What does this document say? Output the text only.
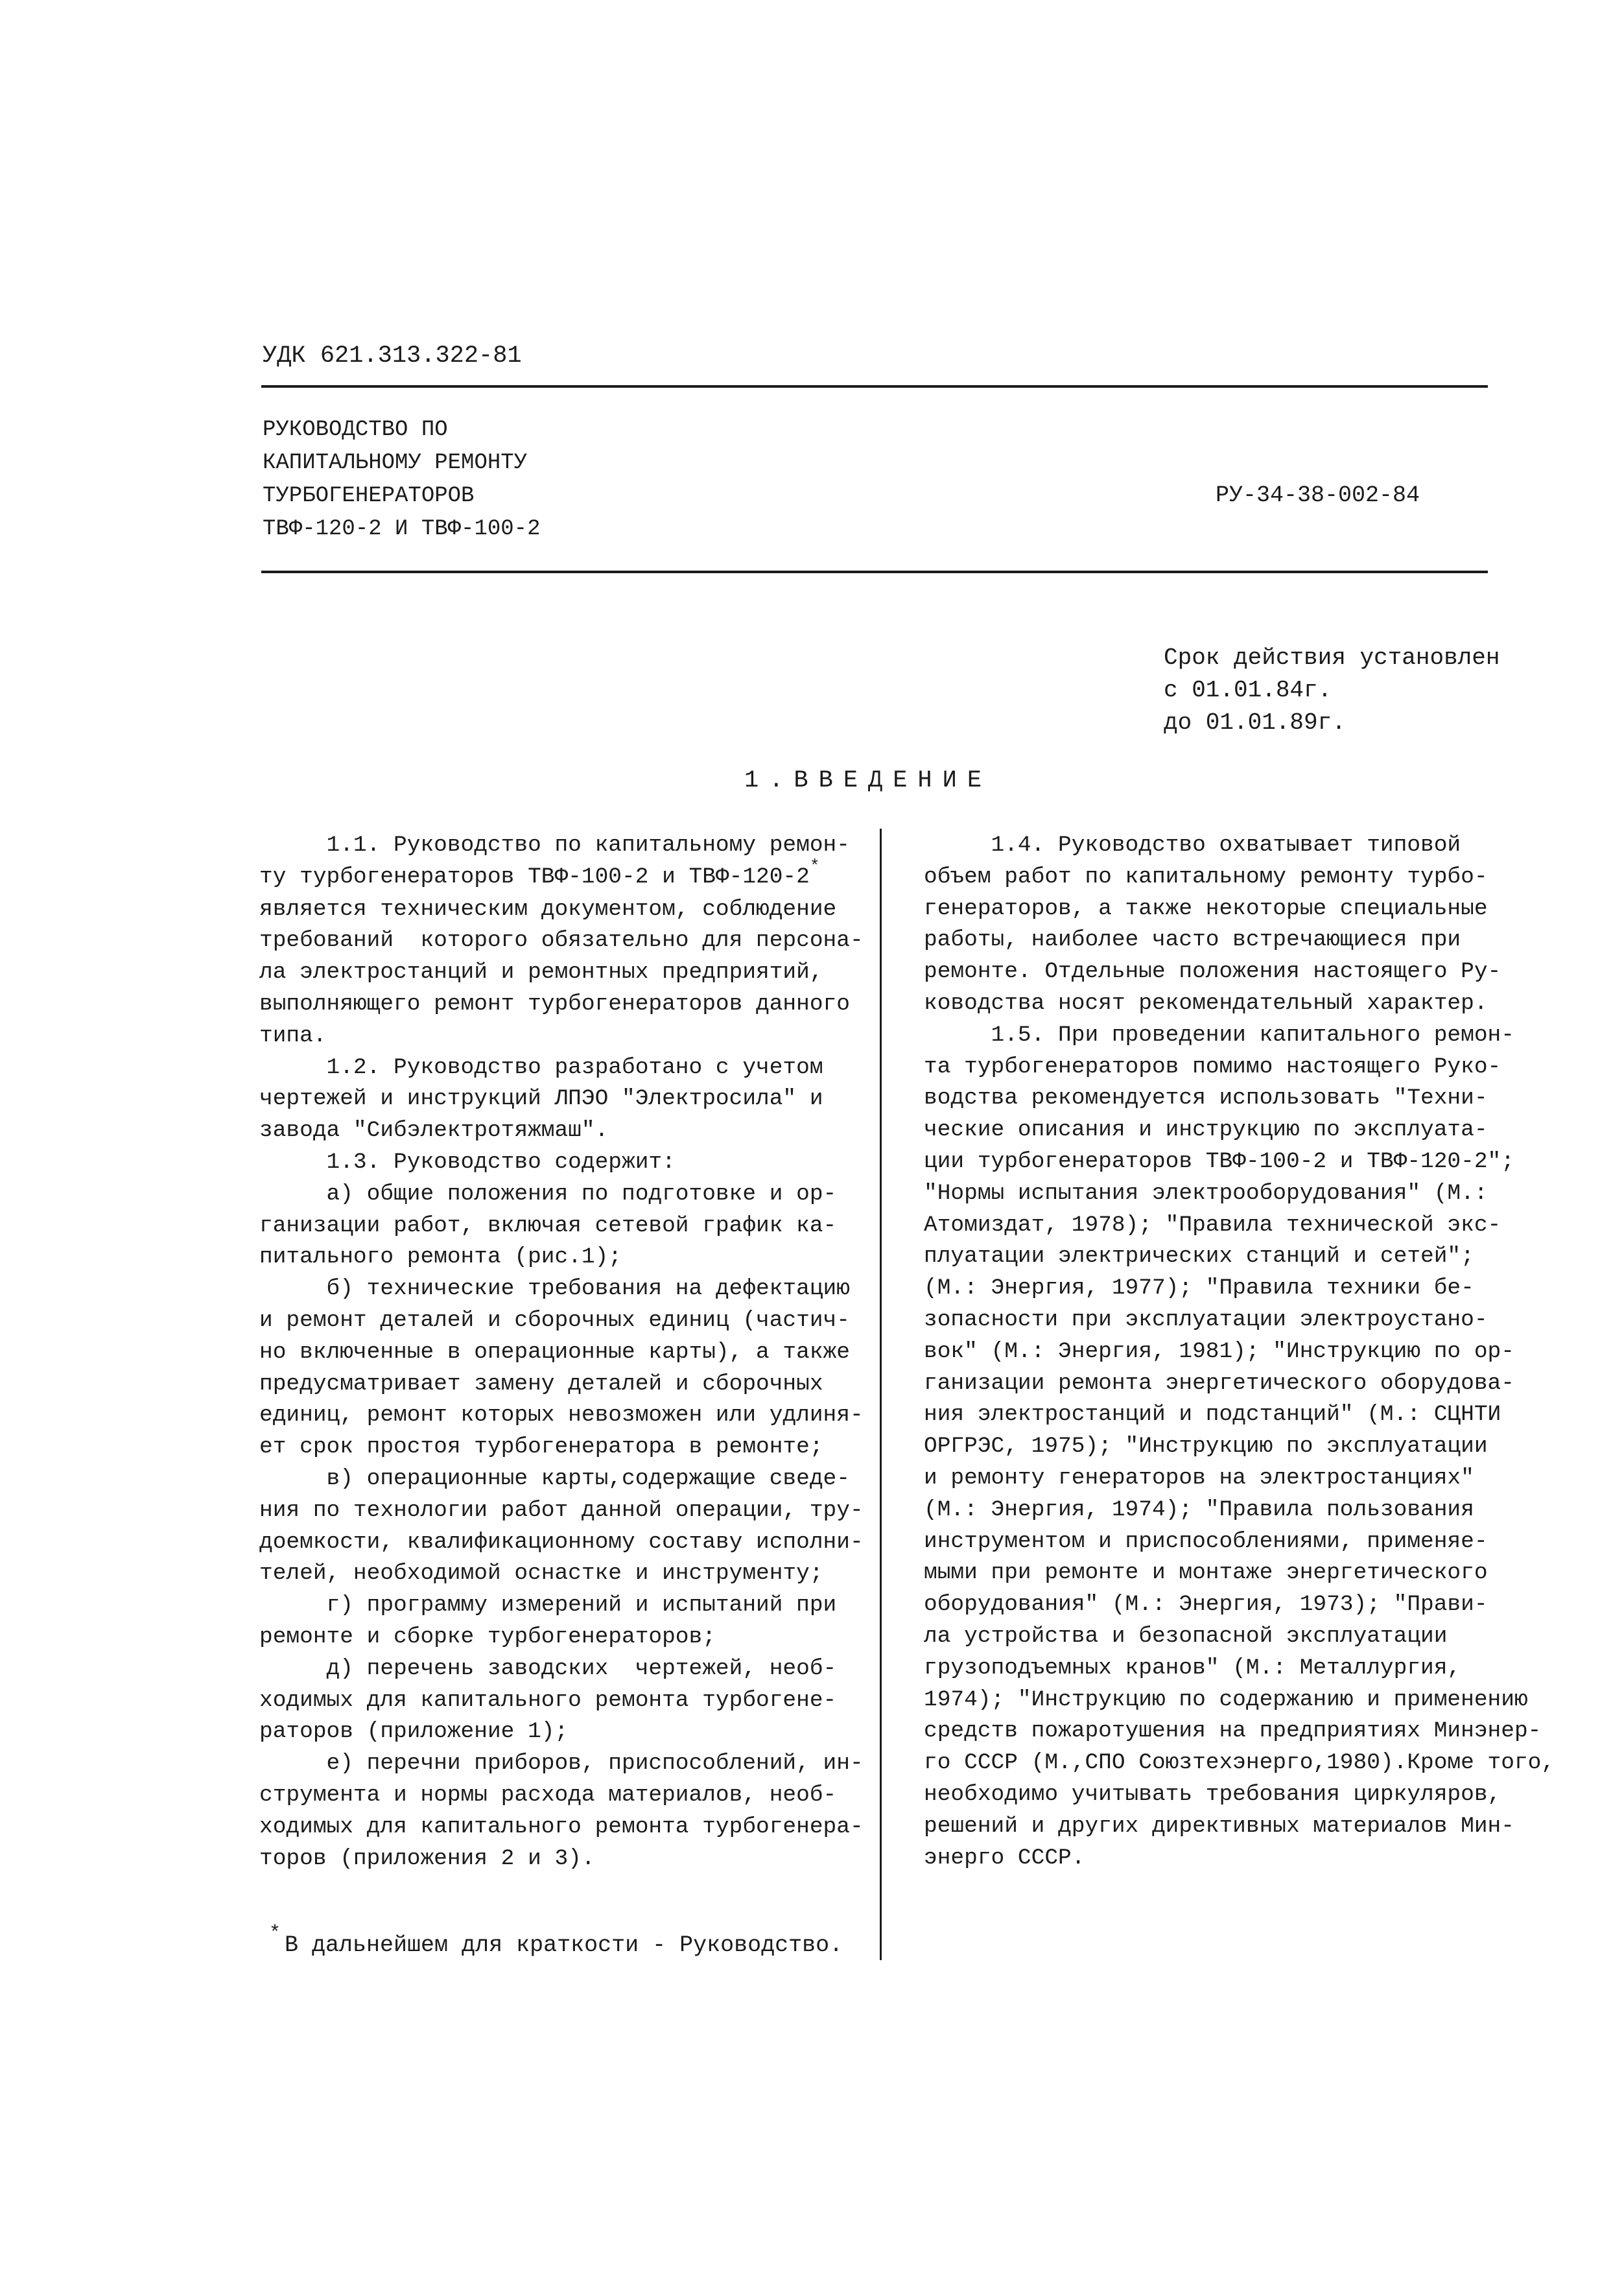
УДК 621.313.322-81
РУКОВОДСТВО ПО
КАПИТАЛЬНОМУ РЕМОНТУ
ТУРБОГЕНЕРАТОРОВ
ТВФ-120-2 И ТВФ-100-2
РУ-34-38-002-84
Срок действия установлен
с 01.01.84г.
до 01.01.89г.
1.ВВЕДЕНИЕ
1.1. Руководство по капитальному ремон-
ту турбогенераторов ТВФ-100-2 и ТВФ-120-2*
является техническим документом, соблюдение
требований  которого обязательно для персона-
ла электростанций и ремонтных предприятий,
выполняющего ремонт турбогенераторов данного
типа.
1.2. Руководство разработано с учетом
чертежей и инструкций ЛПЭО "Электросила" и
завода "Сибэлектротяжмаш".
1.3. Руководство содержит:
а) общие положения по подготовке и ор-
ганизации работ, включая сетевой график ка-
питального ремонта (рис.1);
б) технические требования на дефектацию
и ремонт деталей и сборочных единиц (частич-
но включенные в операционные карты), а также
предусматривает замену деталей и сборочных
единиц, ремонт которых невозможен или удлиня-
ет срок простоя турбогенератора в ремонте;
в) операционные карты,содержащие сведе-
ния по технологии работ данной операции, тру-
доемкости, квалификационному составу исполни-
телей, необходимой оснастке и инструменту;
г) программу измерений и испытаний при
ремонте и сборке турбогенераторов;
д) перечень заводских  чертежей, необ-
ходимых для капитального ремонта турбогене-
раторов (приложение 1);
е) перечни приборов, приспособлений, ин-
струмента и нормы расхода материалов, необ-
ходимых для капитального ремонта турбогенера-
торов (приложения 2 и 3).
1.4. Руководство охватывает типовой
объем работ по капитальному ремонту турбо-
генераторов, а также некоторые специальные
работы, наиболее часто встречающиеся при
ремонте. Отдельные положения настоящего Ру-
ководства носят рекомендательный характер.
1.5. При проведении капитального ремон-
та турбогенераторов помимо настоящего Руко-
водства рекомендуется использовать "Техни-
ческие описания и инструкцию по эксплуата-
ции турбогенераторов ТВФ-100-2 и ТВФ-120-2";
"Нормы испытания электрооборудования" (М.:
Атомиздат, 1978); "Правила технической экс-
плуатации электрических станций и сетей";
(М.: Энергия, 1977); "Правила техники бе-
зопасности при эксплуатации электроустано-
вок" (М.: Энергия, 1981); "Инструкцию по ор-
ганизации ремонта энергетического оборудова-
ния электростанций и подстанций" (М.: СЦНТИ
ОРГРЭС, 1975); "Инструкцию по эксплуатации
и ремонту генераторов на электростанциях"
(М.: Энергия, 1974); "Правила пользования
инструментом и приспособлениями, применяе-
мыми при ремонте и монтаже энергетического
оборудования" (М.: Энергия, 1973); "Прави-
ла устройства и безопасной эксплуатации
грузоподъемных кранов" (М.: Металлургия,
1974); "Инструкцию по содержанию и применению
средств пожаротушения на предприятиях Минэнер-
го СССР (М.,СПО Союзтехэнерго,1980).Кроме того,
необходимо учитывать требования циркуляров,
решений и других директивных материалов Мин-
энерго СССР.
* В дальнейшем для краткости - Руководство.
